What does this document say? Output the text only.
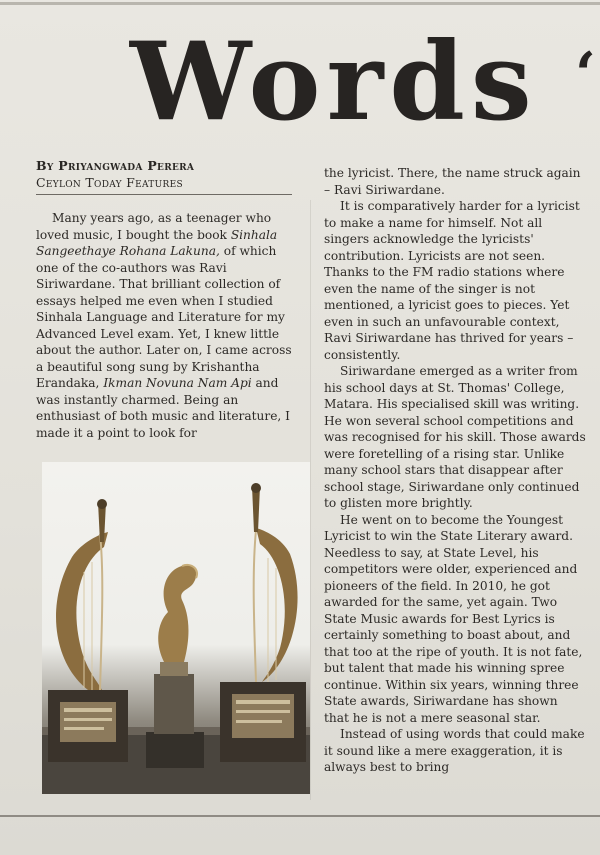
Words ‘
By Priyangwada Perera
Ceylon Today Features

Many years ago, as a teenager who loved music, I bought the book Sinhala Sangeethaye Rohana Lakuna, of which one of the co-authors was Ravi Siriwardane. That brilliant collection of essays helped me even when I studied Sinhala Language and Literature for my Advanced Level exam. Yet, I knew little about the author. Later on, I came across a beautiful song sung by Krishantha Erandaka, Ikman Novuna Nam Api and was instantly charmed. Being an enthusiast of both music and literature, I made it a point to look for

the lyricist. There, the name struck again – Ravi Siriwardane.

It is comparatively harder for a lyricist to make a name for himself. Not all singers acknowledge the lyricists' contribution. Lyricists are not seen. Thanks to the FM radio stations where even the name of the singer is not mentioned, a lyricist goes to pieces. Yet even in such an unfavourable context, Ravi Siriwardane has thrived for years – consistently.

Siriwardane emerged as a writer from his school days at St. Thomas' College, Matara. His specialised skill was writing. He won several school competitions and was recognised for his skill. Those awards were foretelling of a rising star. Unlike many school stars that disappear after school stage, Siriwardane only continued to glisten more brightly.

He went on to become the Youngest Lyricist to win the State Literary award. Needless to say, at State Level, his competitors were older, experienced and pioneers of the field. In 2010, he got awarded for the same, yet again. Two State Music awards for Best Lyrics is certainly something to boast about, and that too at the ripe of youth. It is not fate, but talent that made his winning spree continue. Within six years, winning three State awards, Siriwardane has shown that he is not a mere seasonal star.

Instead of using words that could make it sound like a mere exaggeration, it is always best to bring
